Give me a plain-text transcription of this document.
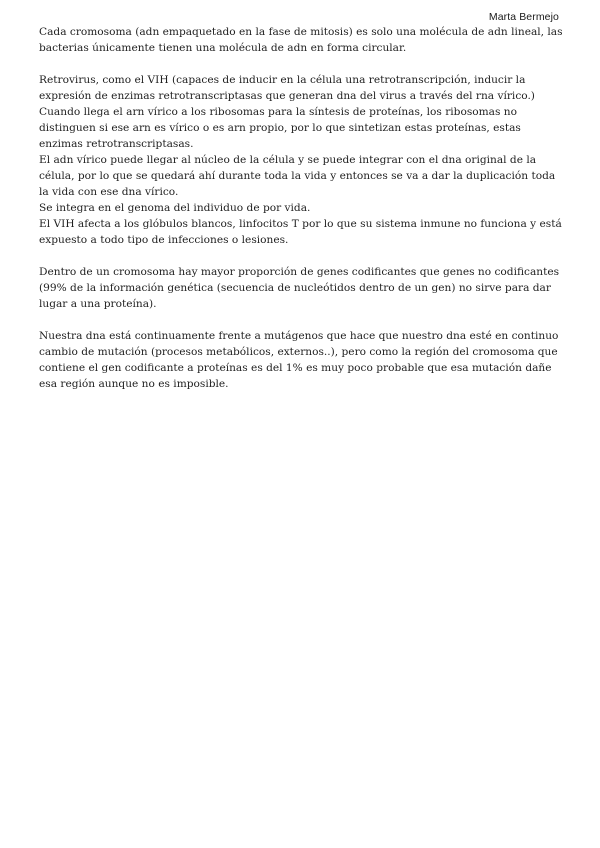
Marta Bermejo

Cada cromosoma (adn empaquetado en la fase de mitosis) es solo una molécula de adn lineal, las bacterias únicamente tienen una molécula de adn en forma circular.

Retrovirus, como el VIH (capaces de inducir en la célula una retrotranscripción, inducir la expresión de enzimas retrotranscriptasas que generan dna del virus a través del rna vírico.)
Cuando llega el arn vírico a los ribosomas para la síntesis de proteínas, los ribosomas no distinguen si ese arn es vírico o es arn propio, por lo que sintetizan estas proteínas, estas enzimas retrotranscriptasas.
El adn vírico puede llegar al núcleo de la célula y se puede integrar con el dna original de la célula, por lo que se quedará ahí durante toda la vida y entonces se va a dar la duplicación toda la vida con ese dna vírico.
Se integra en el genoma del individuo de por vida.
El VIH afecta a los glóbulos blancos, linfocitos T por lo que su sistema inmune no funciona y está expuesto a todo tipo de infecciones o lesiones.

Dentro de un cromosoma hay mayor proporción de genes codificantes que genes no codificantes (99% de la información genética (secuencia de nucleótidos dentro de un gen) no sirve para dar lugar a una proteína).

Nuestra dna está continuamente frente a mutágenos que hace que nuestro dna esté en continuo cambio de mutación (procesos metabólicos, externos..), pero como la región del cromosoma que contiene el gen codificante a proteínas es del 1% es muy poco probable que esa mutación dañe esa región aunque no es imposible.
